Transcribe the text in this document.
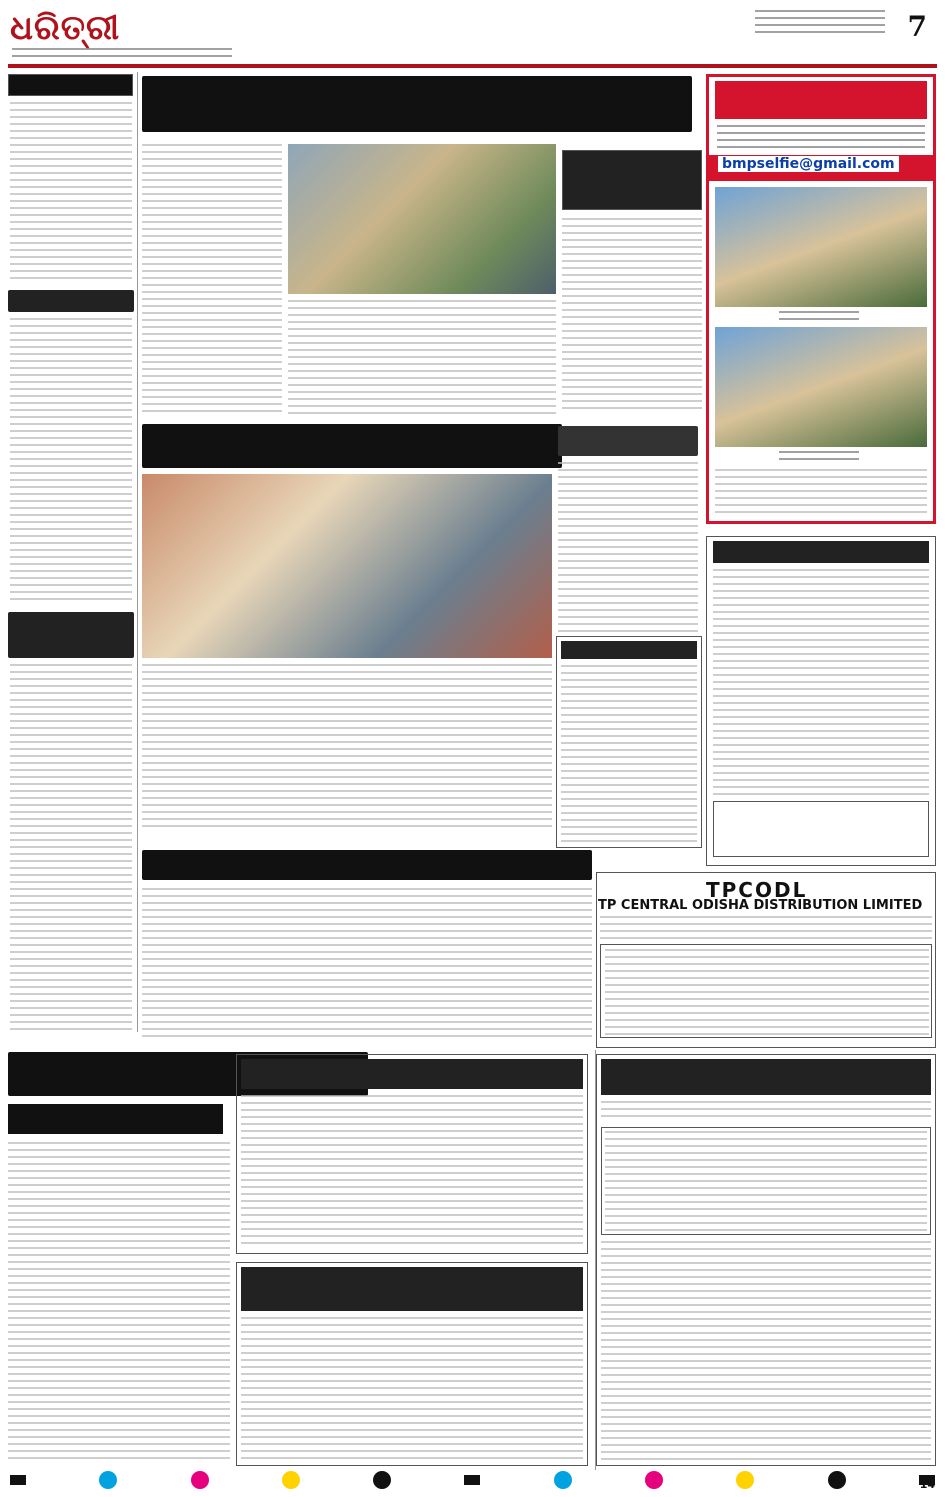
ଧରିତ୍ରୀ	7
bmpselfie@gmail.com
TPCODL
TP CENTRAL ODISHA DISTRIBUTION LIMITED
14
